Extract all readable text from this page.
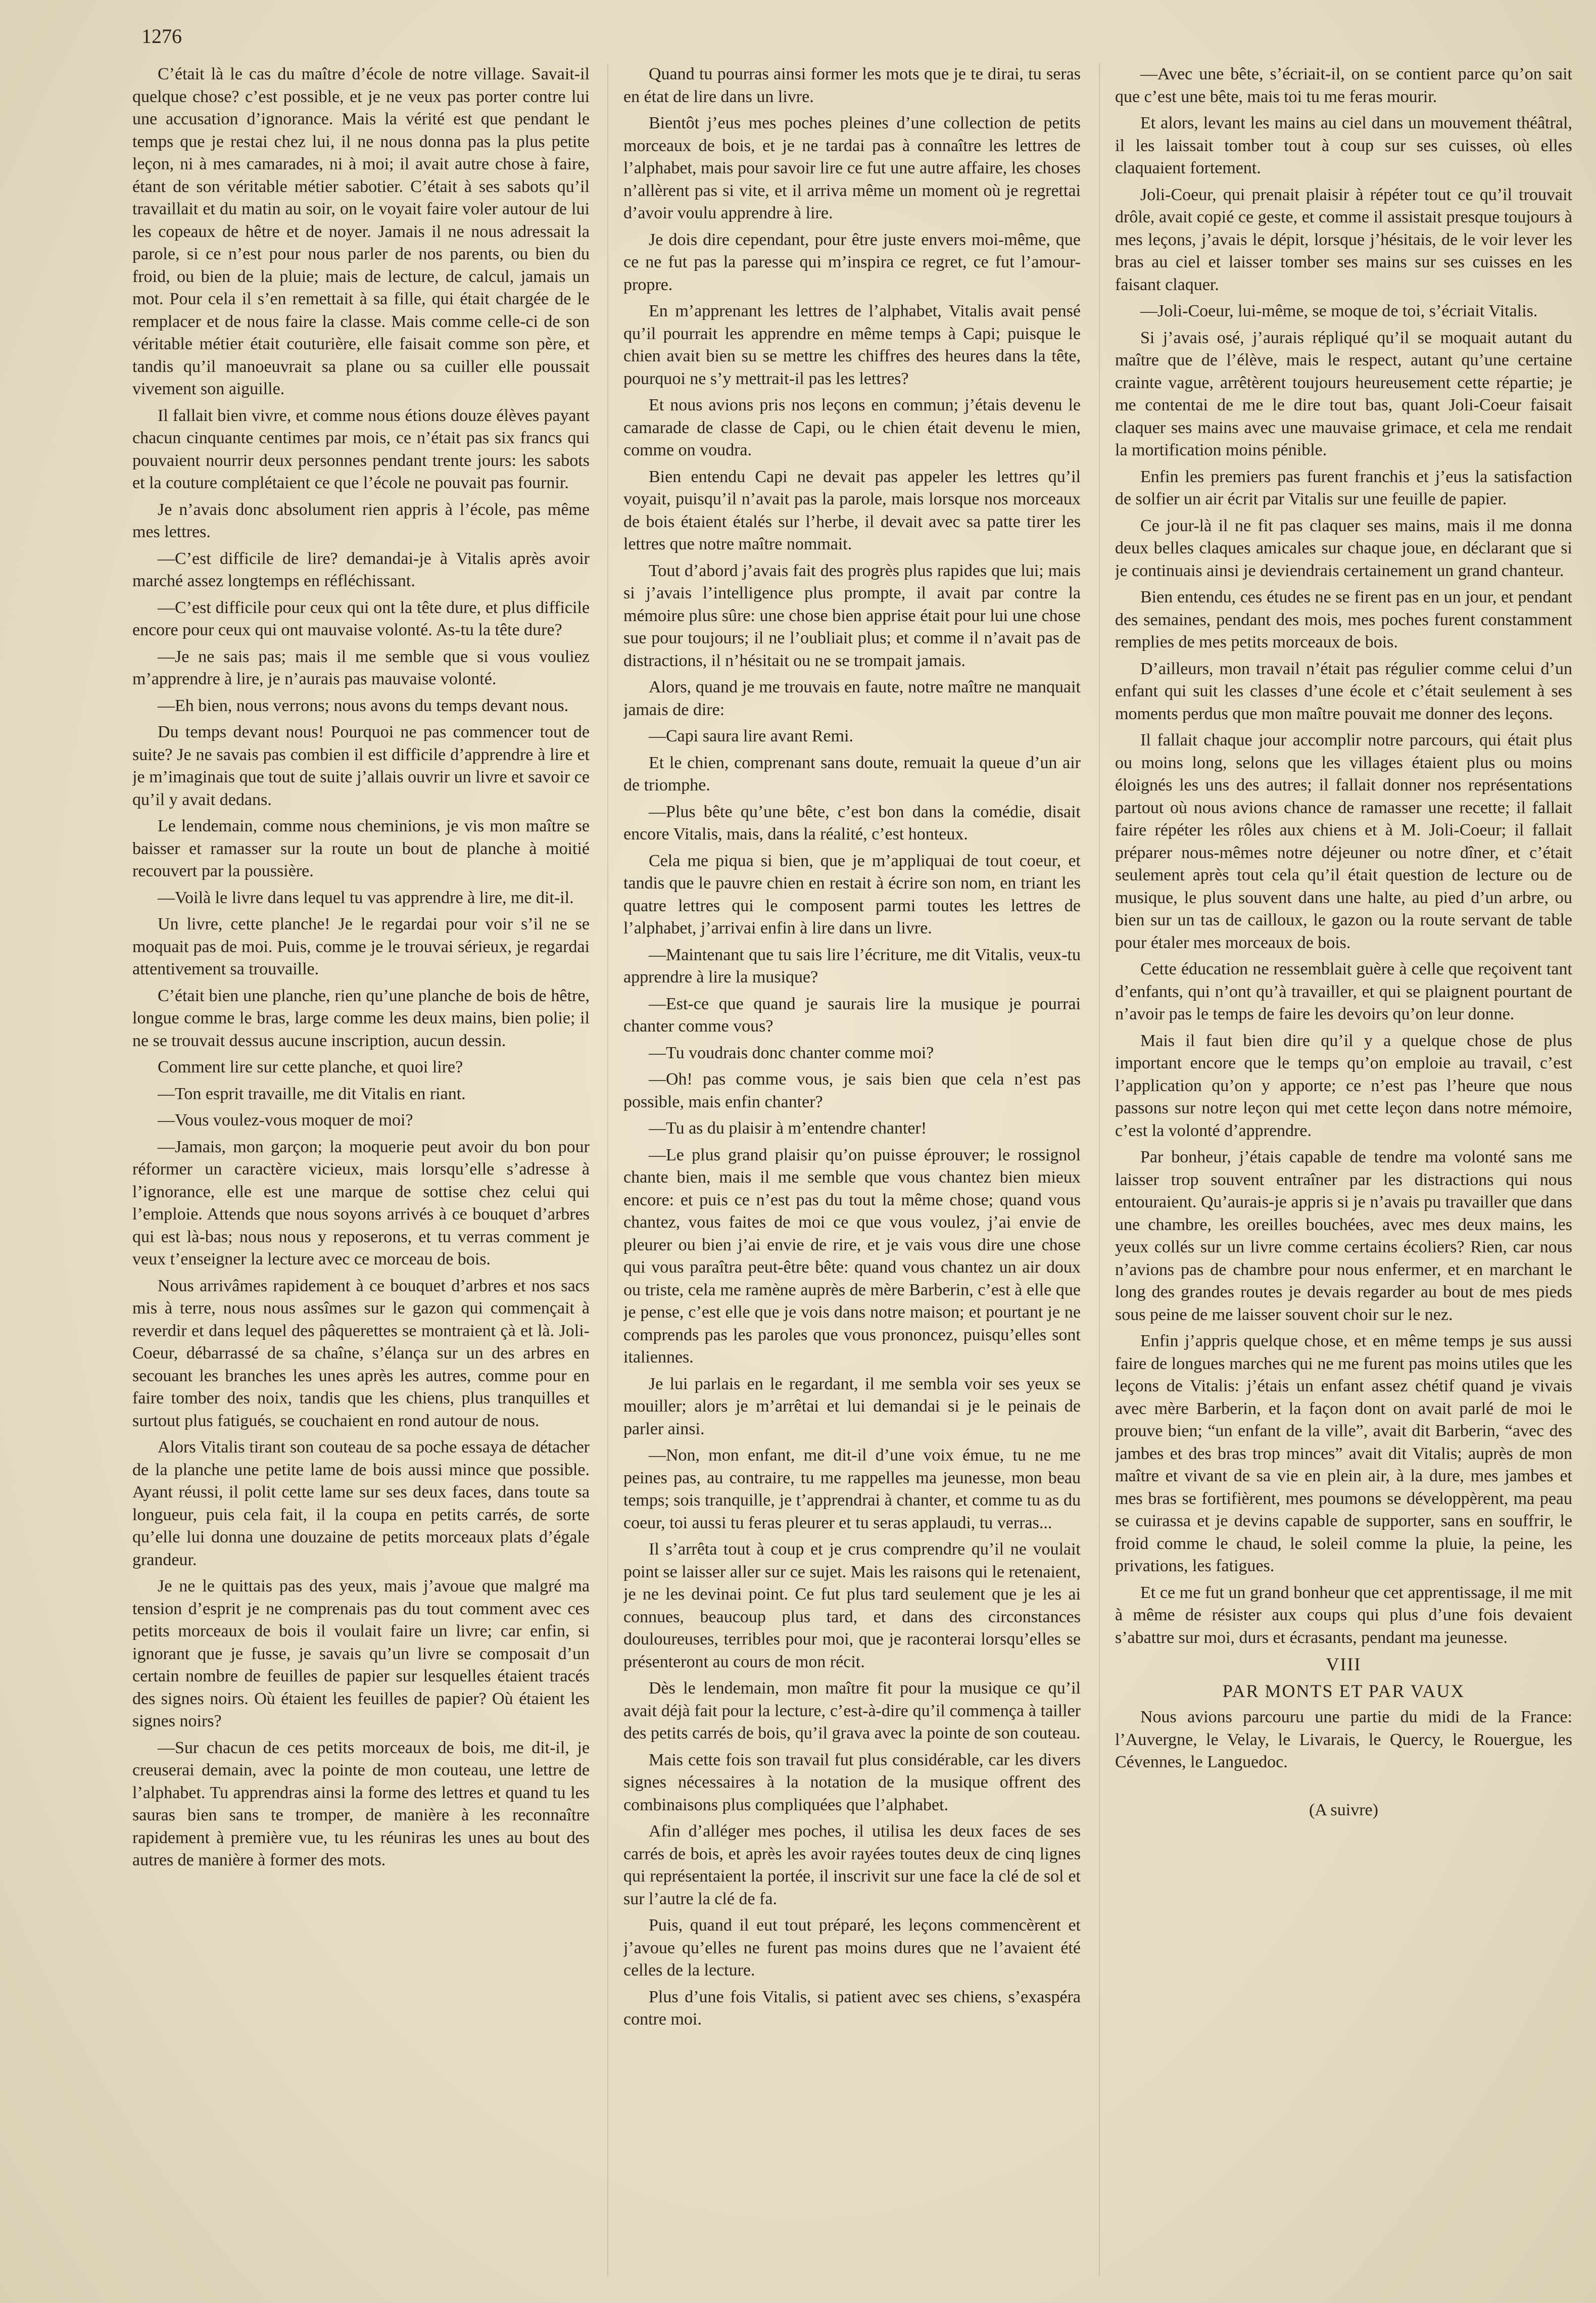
1276

C’était là le cas du maître d’école de notre village. Savait-il quelque chose? c’est possible, et je ne veux pas porter contre lui une accusation d’ignorance. Mais la vérité est que pendant le temps que je restai chez lui, il ne nous donna pas la plus petite leçon, ni à mes camarades, ni à moi; il avait autre chose à faire, étant de son véritable métier sabotier. C’était à ses sabots qu’il travaillait et du matin au soir, on le voyait faire voler autour de lui les copeaux de hêtre et de noyer. Jamais il ne nous adressait la parole, si ce n’est pour nous parler de nos parents, ou bien du froid, ou bien de la pluie; mais de lecture, de calcul, jamais un mot. Pour cela il s’en remettait à sa fille, qui était chargée de le remplacer et de nous faire la classe. Mais comme celle-ci de son véritable métier était couturière, elle faisait comme son père, et tandis qu’il manoeuvrait sa plane ou sa cuiller elle poussait vivement son aiguille.

Il fallait bien vivre, et comme nous étions douze élèves payant chacun cinquante centimes par mois, ce n’était pas six francs qui pouvaient nourrir deux personnes pendant trente jours: les sabots et la couture complétaient ce que l’école ne pouvait pas fournir.

Je n’avais donc absolument rien appris à l’école, pas même mes lettres.

—C’est difficile de lire? demandai-je à Vitalis après avoir marché assez longtemps en réfléchissant.

—C’est difficile pour ceux qui ont la tête dure, et plus difficile encore pour ceux qui ont mauvaise volonté. As-tu la tête dure?

—Je ne sais pas; mais il me semble que si vous vouliez m’apprendre à lire, je n’aurais pas mauvaise volonté.

—Eh bien, nous verrons; nous avons du temps devant nous.

Du temps devant nous! Pourquoi ne pas commencer tout de suite? Je ne savais pas combien il est difficile d’apprendre à lire et je m’imaginais que tout de suite j’allais ouvrir un livre et savoir ce qu’il y avait dedans.

Le lendemain, comme nous cheminions, je vis mon maître se baisser et ramasser sur la route un bout de planche à moitié recouvert par la poussière.

—Voilà le livre dans lequel tu vas apprendre à lire, me dit-il.

Un livre, cette planche! Je le regardai pour voir s’il ne se moquait pas de moi. Puis, comme je le trouvai sérieux, je regardai attentivement sa trouvaille.

C’était bien une planche, rien qu’une planche de bois de hêtre, longue comme le bras, large comme les deux mains, bien polie; il ne se trouvait dessus aucune inscription, aucun dessin.

Comment lire sur cette planche, et quoi lire?

—Ton esprit travaille, me dit Vitalis en riant.

—Vous voulez-vous moquer de moi?

—Jamais, mon garçon; la moquerie peut avoir du bon pour réformer un caractère vicieux, mais lorsqu’elle s’adresse à l’ignorance, elle est une marque de sottise chez celui qui l’emploie. Attends que nous soyons arrivés à ce bouquet d’arbres qui est là-bas; nous nous y reposerons, et tu verras comment je veux t’enseigner la lecture avec ce morceau de bois.

Nous arrivâmes rapidement à ce bouquet d’arbres et nos sacs mis à terre, nous nous assîmes sur le gazon qui commençait à reverdir et dans lequel des pâquerettes se montraient çà et là. Joli-Coeur, débarrassé de sa chaîne, s’élança sur un des arbres en secouant les branches les unes après les autres, comme pour en faire tomber des noix, tandis que les chiens, plus tranquilles et surtout plus fatigués, se couchaient en rond autour de nous.

Alors Vitalis tirant son couteau de sa poche essaya de détacher de la planche une petite lame de bois aussi mince que possible. Ayant réussi, il polit cette lame sur ses deux faces, dans toute sa longueur, puis cela fait, il la coupa en petits carrés, de sorte qu’elle lui donna une douzaine de petits morceaux plats d’égale grandeur.

Je ne le quittais pas des yeux, mais j’avoue que malgré ma tension d’esprit je ne comprenais pas du tout comment avec ces petits morceaux de bois il voulait faire un livre; car enfin, si ignorant que je fusse, je savais qu’un livre se composait d’un certain nombre de feuilles de papier sur lesquelles étaient tracés des signes noirs. Où étaient les feuilles de papier? Où étaient les signes noirs?

—Sur chacun de ces petits morceaux de bois, me dit-il, je creuserai demain, avec la pointe de mon couteau, une lettre de l’alphabet. Tu apprendras ainsi la forme des lettres et quand tu les sauras bien sans te tromper, de manière à les reconnaître rapidement à première vue, tu les réuniras les unes au bout des autres de manière à former des mots.

Quand tu pourras ainsi former les mots que je te dirai, tu seras en état de lire dans un livre.

Bientôt j’eus mes poches pleines d’une collection de petits morceaux de bois, et je ne tardai pas à connaître les lettres de l’alphabet, mais pour savoir lire ce fut une autre affaire, les choses n’allèrent pas si vite, et il arriva même un moment où je regrettai d’avoir voulu apprendre à lire.

Je dois dire cependant, pour être juste envers moi-même, que ce ne fut pas la paresse qui m’inspira ce regret, ce fut l’amour-propre.

En m’apprenant les lettres de l’alphabet, Vitalis avait pensé qu’il pourrait les apprendre en même temps à Capi; puisque le chien avait bien su se mettre les chiffres des heures dans la tête, pourquoi ne s’y mettrait-il pas les lettres?

Et nous avions pris nos leçons en commun; j’étais devenu le camarade de classe de Capi, ou le chien était devenu le mien, comme on voudra.

Bien entendu Capi ne devait pas appeler les lettres qu’il voyait, puisqu’il n’avait pas la parole, mais lorsque nos morceaux de bois étaient étalés sur l’herbe, il devait avec sa patte tirer les lettres que notre maître nommait.

Tout d’abord j’avais fait des progrès plus rapides que lui; mais si j’avais l’intelligence plus prompte, il avait par contre la mémoire plus sûre: une chose bien apprise était pour lui une chose sue pour toujours; il ne l’oubliait plus; et comme il n’avait pas de distractions, il n’hésitait ou ne se trompait jamais.

Alors, quand je me trouvais en faute, notre maître ne manquait jamais de dire:

—Capi saura lire avant Remi.

Et le chien, comprenant sans doute, remuait la queue d’un air de triomphe.

—Plus bête qu’une bête, c’est bon dans la comédie, disait encore Vitalis, mais, dans la réalité, c’est honteux.

Cela me piqua si bien, que je m’appliquai de tout coeur, et tandis que le pauvre chien en restait à écrire son nom, en triant les quatre lettres qui le composent parmi toutes les lettres de l’alphabet, j’arrivai enfin à lire dans un livre.

—Maintenant que tu sais lire l’écriture, me dit Vitalis, veux-tu apprendre à lire la musique?

—Est-ce que quand je saurais lire la musique je pourrai chanter comme vous?

—Tu voudrais donc chanter comme moi?

—Oh! pas comme vous, je sais bien que cela n’est pas possible, mais enfin chanter?

—Tu as du plaisir à m’entendre chanter!

—Le plus grand plaisir qu’on puisse éprouver; le rossignol chante bien, mais il me semble que vous chantez bien mieux encore: et puis ce n’est pas du tout la même chose; quand vous chantez, vous faites de moi ce que vous voulez, j’ai envie de pleurer ou bien j’ai envie de rire, et je vais vous dire une chose qui vous paraîtra peut-être bête: quand vous chantez un air doux ou triste, cela me ramène auprès de mère Barberin, c’est à elle que je pense, c’est elle que je vois dans notre maison; et pourtant je ne comprends pas les paroles que vous prononcez, puisqu’elles sont italiennes.

Je lui parlais en le regardant, il me sembla voir ses yeux se mouiller; alors je m’arrêtai et lui demandai si je le peinais de parler ainsi.

—Non, mon enfant, me dit-il d’une voix émue, tu ne me peines pas, au contraire, tu me rappelles ma jeunesse, mon beau temps; sois tranquille, je t’apprendrai à chanter, et comme tu as du coeur, toi aussi tu feras pleurer et tu seras applaudi, tu verras...

Il s’arrêta tout à coup et je crus comprendre qu’il ne voulait point se laisser aller sur ce sujet. Mais les raisons qui le retenaient, je ne les devinai point. Ce fut plus tard seulement que je les ai connues, beaucoup plus tard, et dans des circonstances douloureuses, terribles pour moi, que je raconterai lorsqu’elles se présenteront au cours de mon récit.

Dès le lendemain, mon maître fit pour la musique ce qu’il avait déjà fait pour la lecture, c’est-à-dire qu’il commença à tailler des petits carrés de bois, qu’il grava avec la pointe de son couteau.

Mais cette fois son travail fut plus considérable, car les divers signes nécessaires à la notation de la musique offrent des combinaisons plus compliquées que l’alphabet.

Afin d’alléger mes poches, il utilisa les deux faces de ses carrés de bois, et après les avoir rayées toutes deux de cinq lignes qui représentaient la portée, il inscrivit sur une face la clé de sol et sur l’autre la clé de fa.

Puis, quand il eut tout préparé, les leçons commencèrent et j’avoue qu’elles ne furent pas moins dures que ne l’avaient été celles de la lecture.

Plus d’une fois Vitalis, si patient avec ses chiens, s’exaspéra contre moi.

—Avec une bête, s’écriait-il, on se contient parce qu’on sait que c’est une bête, mais toi tu me feras mourir.

Et alors, levant les mains au ciel dans un mouvement théâtral, il les laissait tomber tout à coup sur ses cuisses, où elles claquaient fortement.

Joli-Coeur, qui prenait plaisir à répéter tout ce qu’il trouvait drôle, avait copié ce geste, et comme il assistait presque toujours à mes leçons, j’avais le dépit, lorsque j’hésitais, de le voir lever les bras au ciel et laisser tomber ses mains sur ses cuisses en les faisant claquer.

—Joli-Coeur, lui-même, se moque de toi, s’écriait Vitalis.

Si j’avais osé, j’aurais répliqué qu’il se moquait autant du maître que de l’élève, mais le respect, autant qu’une certaine crainte vague, arrêtèrent toujours heureusement cette répartie; je me contentai de me le dire tout bas, quant Joli-Coeur faisait claquer ses mains avec une mauvaise grimace, et cela me rendait la mortification moins pénible.

Enfin les premiers pas furent franchis et j’eus la satisfaction de solfier un air écrit par Vitalis sur une feuille de papier.

Ce jour-là il ne fit pas claquer ses mains, mais il me donna deux belles claques amicales sur chaque joue, en déclarant que si je continuais ainsi je deviendrais certainement un grand chanteur.

Bien entendu, ces études ne se firent pas en un jour, et pendant des semaines, pendant des mois, mes poches furent constamment remplies de mes petits morceaux de bois.

D’ailleurs, mon travail n’était pas régulier comme celui d’un enfant qui suit les classes d’une école et c’était seulement à ses moments perdus que mon maître pouvait me donner des leçons.

Il fallait chaque jour accomplir notre parcours, qui était plus ou moins long, selons que les villages étaient plus ou moins éloignés les uns des autres; il fallait donner nos représentations partout où nous avions chance de ramasser une recette; il fallait faire répéter les rôles aux chiens et à M. Joli-Coeur; il fallait préparer nous-mêmes notre déjeuner ou notre dîner, et c’était seulement après tout cela qu’il était question de lecture ou de musique, le plus souvent dans une halte, au pied d’un arbre, ou bien sur un tas de cailloux, le gazon ou la route servant de table pour étaler mes morceaux de bois.

Cette éducation ne ressemblait guère à celle que reçoivent tant d’enfants, qui n’ont qu’à travailler, et qui se plaignent pourtant de n’avoir pas le temps de faire les devoirs qu’on leur donne.

Mais il faut bien dire qu’il y a quelque chose de plus important encore que le temps qu’on emploie au travail, c’est l’application qu’on y apporte; ce n’est pas l’heure que nous passons sur notre leçon qui met cette leçon dans notre mémoire, c’est la volonté d’apprendre.

Par bonheur, j’étais capable de tendre ma volonté sans me laisser trop souvent entraîner par les distractions qui nous entouraient. Qu’aurais-je appris si je n’avais pu travailler que dans une chambre, les oreilles bouchées, avec mes deux mains, les yeux collés sur un livre comme certains écoliers? Rien, car nous n’avions pas de chambre pour nous enfermer, et en marchant le long des grandes routes je devais regarder au bout de mes pieds sous peine de me laisser souvent choir sur le nez.

Enfin j’appris quelque chose, et en même temps je sus aussi faire de longues marches qui ne me furent pas moins utiles que les leçons de Vitalis: j’étais un enfant assez chétif quand je vivais avec mère Barberin, et la façon dont on avait parlé de moi le prouve bien; “un enfant de la ville”, avait dit Barberin, “avec des jambes et des bras trop minces” avait dit Vitalis; auprès de mon maître et vivant de sa vie en plein air, à la dure, mes jambes et mes bras se fortifièrent, mes poumons se développèrent, ma peau se cuirassa et je devins capable de supporter, sans en souffrir, le froid comme le chaud, le soleil comme la pluie, la peine, les privations, les fatigues.

Et ce me fut un grand bonheur que cet apprentissage, il me mit à même de résister aux coups qui plus d’une fois devaient s’abattre sur moi, durs et écrasants, pendant ma jeunesse.

VIII

PAR MONTS ET PAR VAUX

Nous avions parcouru une partie du midi de la France: l’Auvergne, le Velay, le Livarais, le Quercy, le Rouergue, les Cévennes, le Languedoc.

(A suivre)
